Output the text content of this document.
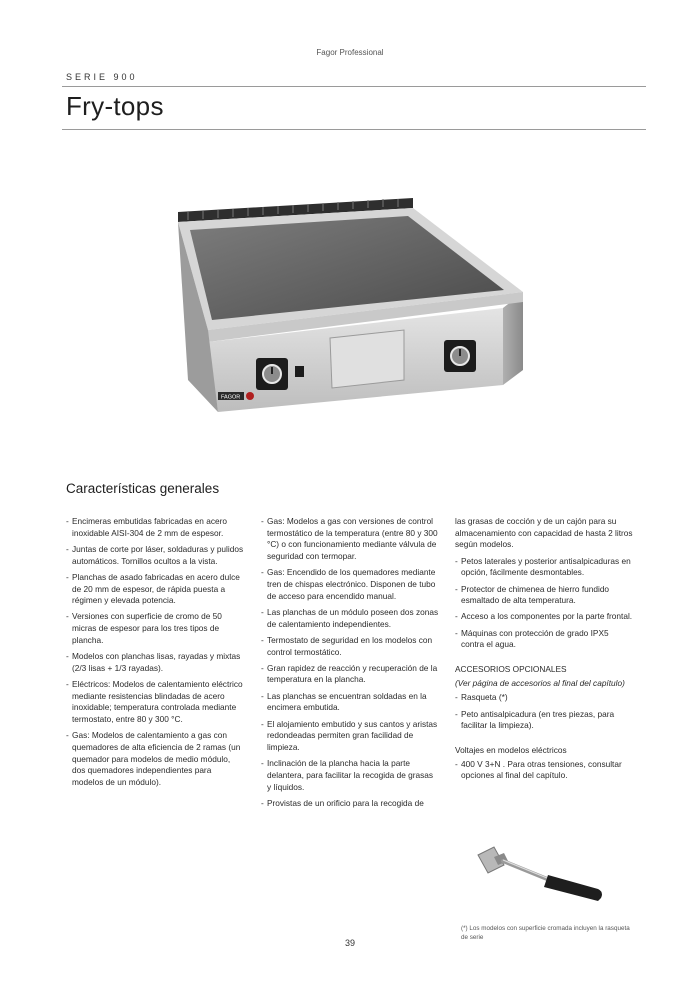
Fagor Professional
SERIE 900
Fry-tops
FAGOR
Características generales
- Encimeras embutidas fabricadas en acero inoxidable AISI-304 de 2 mm de espesor.
- Juntas de corte por láser, soldaduras y pulidos automáticos. Tornillos ocultos a la vista.
- Planchas de asado fabricadas en acero dulce de 20 mm de espesor, de rápida puesta a régimen y elevada potencia.
- Versiones con superficie de cromo de 50 micras de espesor para los tres tipos de plancha.
- Modelos con planchas lisas, rayadas y mixtas (2/3 lisas + 1/3 rayadas).
- Eléctricos: Modelos de calentamiento eléctrico mediante resistencias blindadas de acero inoxidable; temperatura controlada mediante termostato, entre 80 y 300 °C.
- Gas: Modelos de calentamiento a gas con quemadores de alta eficiencia de 2 ramas (un quemador para modelos de medio módulo, dos quemadores independientes para modelos de un módulo).
- Gas: Modelos a gas con versiones de control termostático de la temperatura (entre 80 y 300 °C) o con funcionamiento mediante válvula de seguridad con termopar.
- Gas: Encendido de los quemadores mediante tren de chispas electrónico. Disponen de tubo de acceso para encendido manual.
- Las planchas de un módulo poseen dos zonas de calentamiento independientes.
- Termostato de seguridad en los modelos con control termostático.
- Gran rapidez de reacción y recuperación de la temperatura en la plancha.
- Las planchas se encuentran soldadas en la encimera embutida.
- El alojamiento embutido y sus cantos y aristas redondeadas permiten gran facilidad de limpieza.
- Inclinación de la plancha hacia la parte delantera, para facilitar la recogida de grasas y líquidos.
- Provistas de un orificio para la recogida de
las grasas de cocción y de un cajón para su almacenamiento con capacidad de hasta 2 litros según modelos.
- Petos laterales y posterior antisalpicaduras en opción, fácilmente desmontables.
- Protector de chimenea de hierro fundido esmaltado de alta temperatura.
- Acceso a los componentes por la parte frontal.
- Máquinas con protección de grado IPX5 contra el agua.
ACCESORIOS OPCIONALES
(Ver página de accesorios al final del capítulo)
- Rasqueta (*)
- Peto antisalpicadura (en tres piezas, para facilitar la limpieza).
Voltajes en modelos eléctricos
- 400 V 3+N . Para otras tensiones, consultar opciones al final del capítulo.
(*) Los modelos con superficie cromada incluyen la rasqueta de serie
39
